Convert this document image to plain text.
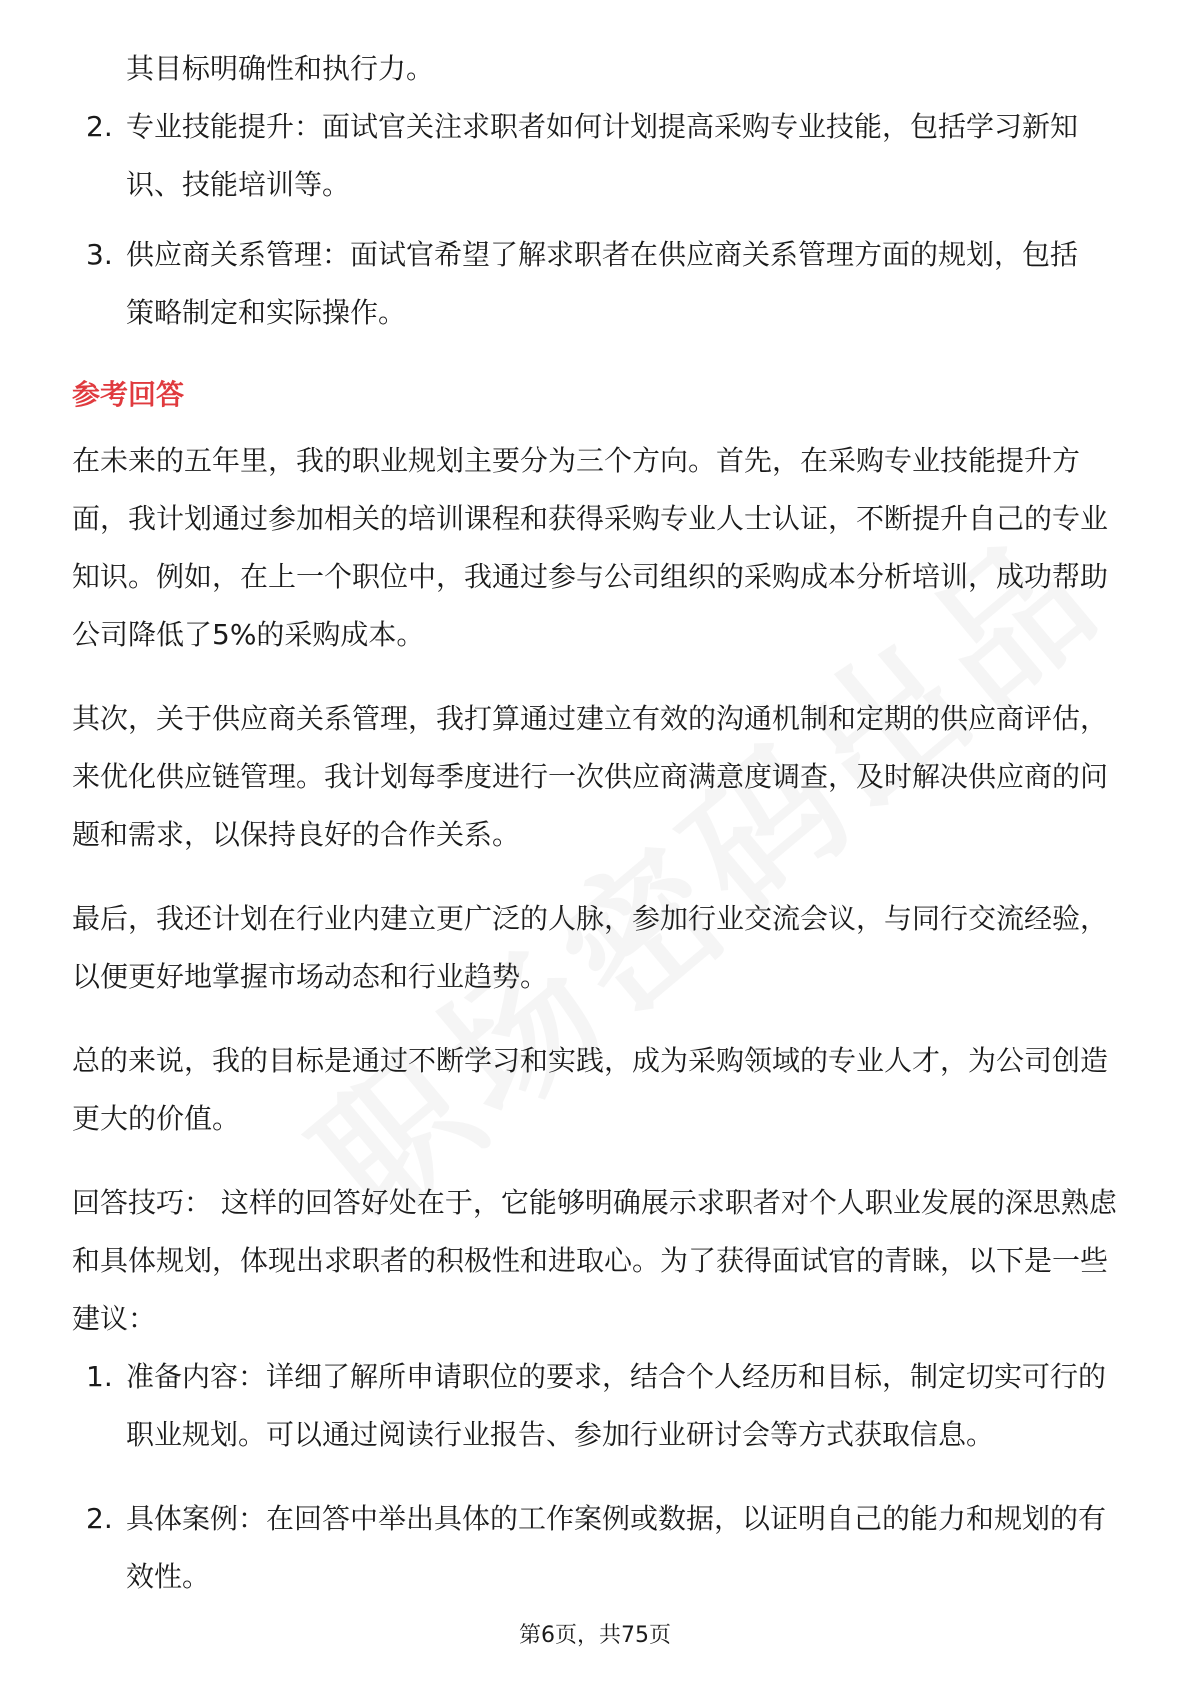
其目标明确性和执行力。

2. 专业技能提升：面试官关注求职者如何计划提高采购专业技能，包括学习新知
识、技能培训等。
3. 供应商关系管理：面试官希望了解求职者在供应商关系管理方面的规划，包括
策略制定和实际操作。
参考回答

在未来的五年里，我的职业规划主要分为三个方向。首先，在采购专业技能提升方面，我计划通过参加相关的培训课程和获得采购专业人士认证，不断提升自己的专业知识。例如，在上一个职位中，我通过参与公司组织的采购成本分析培训，成功帮助公司降低了5%的采购成本。

其次，关于供应商关系管理，我打算通过建立有效的沟通机制和定期的供应商评估，来优化供应链管理。我计划每季度进行一次供应商满意度调查，及时解决供应商的问题和需求，以保持良好的合作关系。

最后，我还计划在行业内建立更广泛的人脉，参加行业交流会议，与同行交流经验，以便更好地掌握市场动态和行业趋势。

总的来说，我的目标是通过不断学习和实践，成为采购领域的专业人才，为公司创造更大的价值。

回答技巧： 这样的回答好处在于，它能够明确展示求职者对个人职业发展的深思熟虑和具体规划，体现出求职者的积极性和进取心。为了获得面试官的青睐，以下是一些建议：

1. 准备内容：详细了解所申请职位的要求，结合个人经历和目标，制定切实可行的职业规划。可以通过阅读行业报告、参加行业研讨会等方式获取信息。
2. 具体案例：在回答中举出具体的工作案例或数据，以证明自己的能力和规划的有效性。
第6页，共75页
